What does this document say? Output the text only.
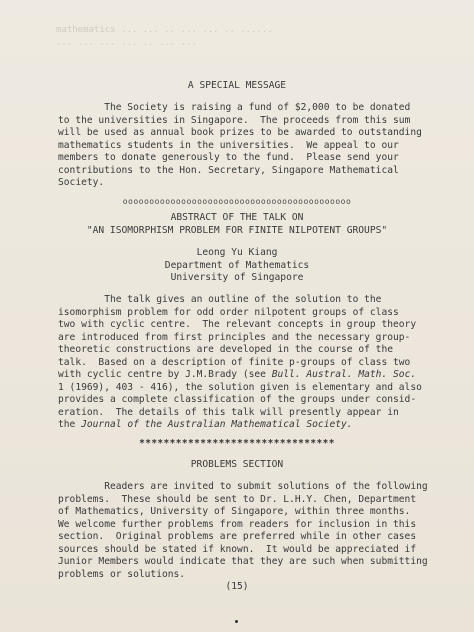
mathematics ... ... .. ... ... .. ......
... ... ... ... .. ... ...
A SPECIAL MESSAGE
The Society is raising a fund of $2,000 to be donated
to the universities in Singapore.  The proceeds from this sum
will be used as annual book prizes to be awarded to outstanding
mathematics students in the universities.  We appeal to our
members to donate generously to the fund.  Please send your
contributions to the Hon. Secretary, Singapore Mathematical
Society.
ooooooooooooooooooooooooooooooooooooooooooo
ABSTRACT OF THE TALK ON
"AN ISOMORPHISM PROBLEM FOR FINITE NILPOTENT GROUPS"
Leong Yu Kiang
Department of Mathematics
University of Singapore
The talk gives an outline of the solution to the
isomorphism problem for odd order nilpotent groups of class
two with cyclic centre.  The relevant concepts in group theory
are introduced from first principles and the necessary group-
theoretic constructions are developed in the course of the
talk.  Based on a description of finite p-groups of class two
with cyclic centre by J.M.Brady (see Bull. Austral. Math. Soc.
1 (1969), 403 - 416), the solution given is elementary and also
provides a complete classification of the groups under consid-
eration.  The details of this talk will presently appear in
the Journal of the Australian Mathematical Society.
********************************
PROBLEMS SECTION
Readers are invited to submit solutions of the following
problems.  These should be sent to Dr. L.H.Y. Chen, Department
of Mathematics, University of Singapore, within three months.
We welcome further problems from readers for inclusion in this
section.  Original problems are preferred while in other cases
sources should be stated if known.  It would be appreciated if
Junior Members would indicate that they are such when submitting
problems or solutions.
(15)
